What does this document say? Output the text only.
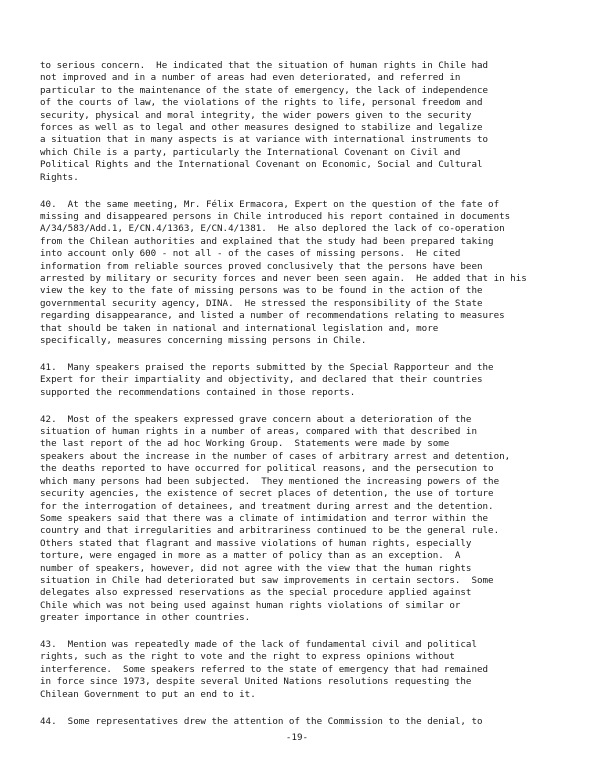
to serious concern.  He indicated that the situation of human rights in Chile had
not improved and in a number of areas had even deteriorated, and referred in
particular to the maintenance of the state of emergency, the lack of independence
of the courts of law, the violations of the rights to life, personal freedom and
security, physical and moral integrity, the wider powers given to the security
forces as well as to legal and other measures designed to stabilize and legalize
a situation that in many aspects is at variance with international instruments to
which Chile is a party, particularly the International Covenant on Civil and
Political Rights and the International Covenant on Economic, Social and Cultural
Rights.
40.  At the same meeting, Mr. Félix Ermacora, Expert on the question of the fate of
missing and disappeared persons in Chile introduced his report contained in documents
A/34/583/Add.1, E/CN.4/1363, E/CN.4/1381.  He also deplored the lack of co-operation
from the Chilean authorities and explained that the study had been prepared taking
into account only 600 - not all - of the cases of missing persons.  He cited
information from reliable sources proved conclusively that the persons have been
arrested by military or security forces and never been seen again.  He added that in his
view the key to the fate of missing persons was to be found in the action of the
governmental security agency, DINA.  He stressed the responsibility of the State
regarding disappearance, and listed a number of recommendations relating to measures
that should be taken in national and international legislation and, more
specifically, measures concerning missing persons in Chile.
41.  Many speakers praised the reports submitted by the Special Rapporteur and the
Expert for their impartiality and objectivity, and declared that their countries
supported the recommendations contained in those reports.
42.  Most of the speakers expressed grave concern about a deterioration of the
situation of human rights in a number of areas, compared with that described in
the last report of the ad hoc Working Group.  Statements were made by some
speakers about the increase in the number of cases of arbitrary arrest and detention,
the deaths reported to have occurred for political reasons, and the persecution to
which many persons had been subjected.  They mentioned the increasing powers of the
security agencies, the existence of secret places of detention, the use of torture
for the interrogation of detainees, and treatment during arrest and the detention.
Some speakers said that there was a climate of intimidation and terror within the
country and that irregularities and arbitrariness continued to be the general rule.
Others stated that flagrant and massive violations of human rights, especially
torture, were engaged in more as a matter of policy than as an exception.  A
number of speakers, however, did not agree with the view that the human rights
situation in Chile had deteriorated but saw improvements in certain sectors.  Some
delegates also expressed reservations as the special procedure applied against
Chile which was not being used against human rights violations of similar or
greater importance in other countries.
43.  Mention was repeatedly made of the lack of fundamental civil and political
rights, such as the right to vote and the right to express opinions without
interference.  Some speakers referred to the state of emergency that had remained
in force since 1973, despite several United Nations resolutions requesting the
Chilean Government to put an end to it.
44.  Some representatives drew the attention of the Commission to the denial, to
-19-
